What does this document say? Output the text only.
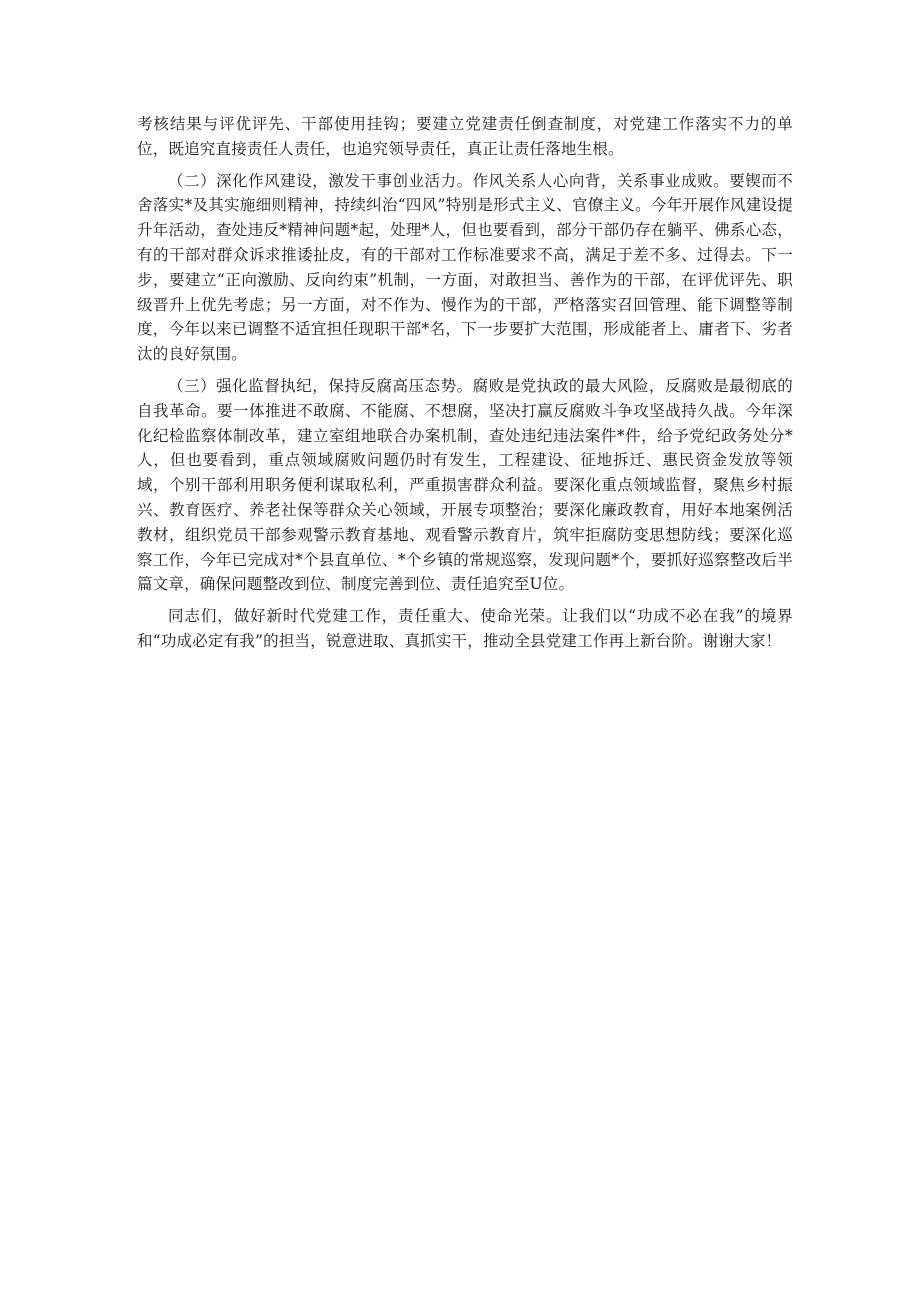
考核结果与评优评先、干部使用挂钩；要建立党建责任倒查制度，对党建工作落实不力的单位，既追究直接责任人责任，也追究领导责任，真正让责任落地生根。

（二）深化作风建设，激发干事创业活力。作风关系人心向背，关系事业成败。要锲而不舍落实*及其实施细则精神，持续纠治“四风”特别是形式主义、官僚主义。今年开展作风建设提升年活动，查处违反*精神问题*起，处理*人，但也要看到，部分干部仍存在躺平、佛系心态，有的干部对群众诉求推诿扯皮，有的干部对工作标准要求不高，满足于差不多、过得去。下一步，要建立“正向激励、反向约束”机制，一方面，对敢担当、善作为的干部，在评优评先、职级晋升上优先考虑；另一方面，对不作为、慢作为的干部，严格落实召回管理、能下调整等制度，今年以来已调整不适宜担任现职干部*名，下一步要扩大范围，形成能者上、庸者下、劣者汰的良好氛围。

（三）强化监督执纪，保持反腐高压态势。腐败是党执政的最大风险，反腐败是最彻底的自我革命。要一体推进不敢腐、不能腐、不想腐，坚决打赢反腐败斗争攻坚战持久战。今年深化纪检监察体制改革，建立室组地联合办案机制，查处违纪违法案件*件，给予党纪政务处分*人，但也要看到，重点领域腐败问题仍时有发生，工程建设、征地拆迁、惠民资金发放等领域，个别干部利用职务便利谋取私利，严重损害群众利益。要深化重点领域监督，聚焦乡村振兴、教育医疗、养老社保等群众关心领域，开展专项整治；要深化廉政教育，用好本地案例活教材，组织党员干部参观警示教育基地、观看警示教育片，筑牢拒腐防变思想防线；要深化巡察工作，今年已完成对*个县直单位、*个乡镇的常规巡察，发现问题*个，要抓好巡察整改后半篇文章，确保问题整改到位、制度完善到位、责任追究至U位。

同志们，做好新时代党建工作，责任重大、使命光荣。让我们以“功成不必在我”的境界和“功成必定有我”的担当，锐意进取、真抓实干，推动全县党建工作再上新台阶。谢谢大家！
